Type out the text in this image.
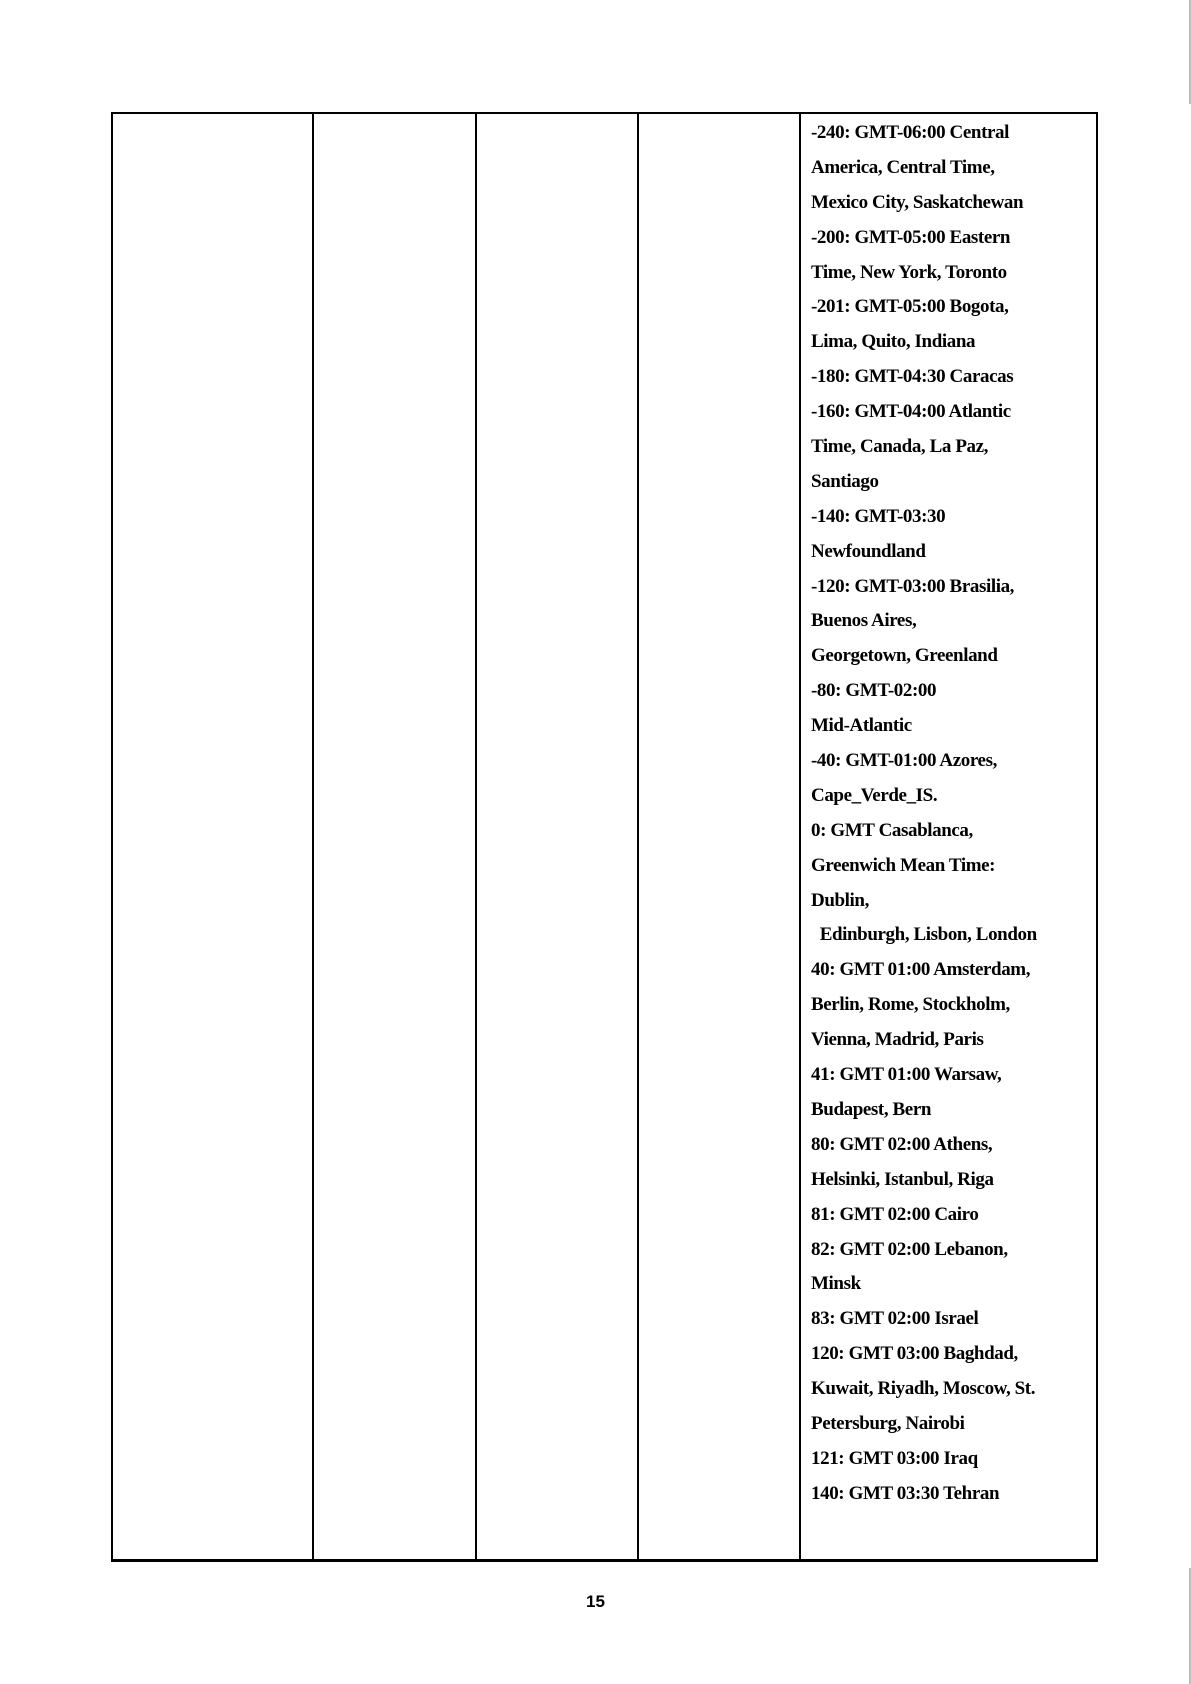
-240: GMT-06:00 Central
America, Central Time,
Mexico City, Saskatchewan
-200: GMT-05:00 Eastern
Time, New York, Toronto
-201: GMT-05:00 Bogota,
Lima, Quito, Indiana
-180: GMT-04:30 Caracas
-160: GMT-04:00 Atlantic
Time, Canada, La Paz,
Santiago
-140: GMT-03:30
Newfoundland
-120: GMT-03:00 Brasilia,
Buenos Aires,
Georgetown, Greenland
-80: GMT-02:00
Mid-Atlantic
-40: GMT-01:00 Azores,
Cape_Verde_IS.
0: GMT Casablanca,
Greenwich Mean Time:
Dublin,
Edinburgh, Lisbon, London
40: GMT 01:00 Amsterdam,
Berlin, Rome, Stockholm,
Vienna, Madrid, Paris
41: GMT 01:00 Warsaw,
Budapest, Bern
80: GMT 02:00 Athens,
Helsinki, Istanbul, Riga
81: GMT 02:00 Cairo
82: GMT 02:00 Lebanon,
Minsk
83: GMT 02:00 Israel
120: GMT 03:00 Baghdad,
Kuwait, Riyadh, Moscow, St.
Petersburg, Nairobi
121: GMT 03:00 Iraq
140: GMT 03:30 Tehran
15
